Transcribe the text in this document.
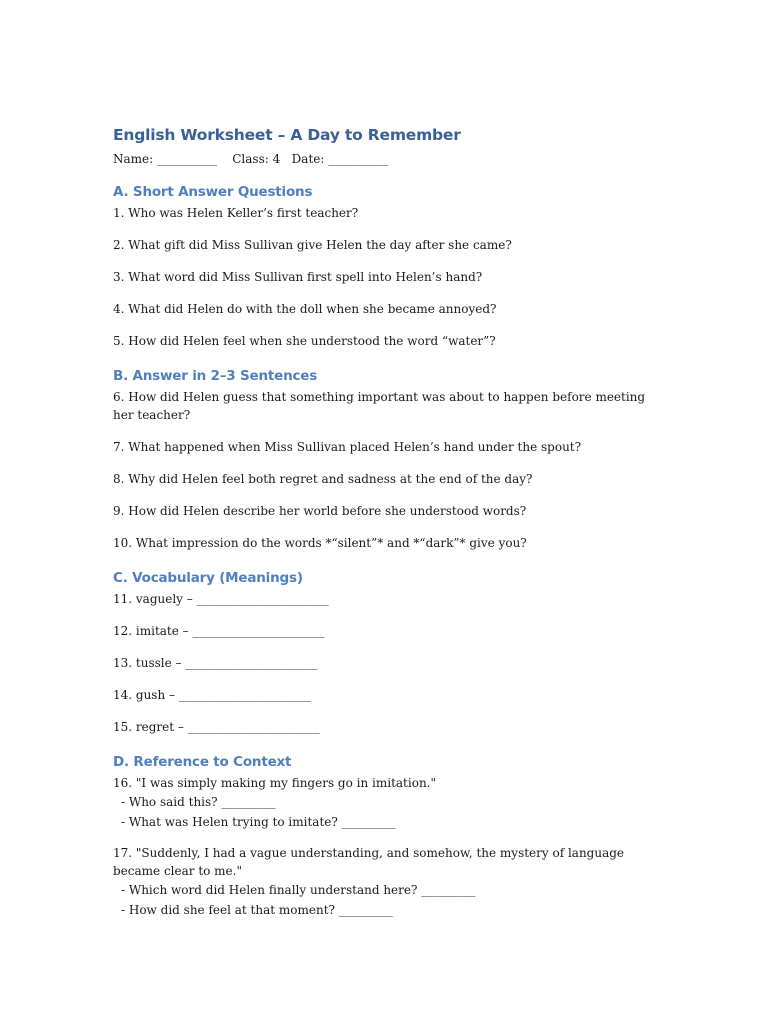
English Worksheet – A Day to Remember
Name: __________    Class: 4   Date: __________
A. Short Answer Questions

1. Who was Helen Keller’s first teacher?

2. What gift did Miss Sullivan give Helen the day after she came?

3. What word did Miss Sullivan first spell into Helen’s hand?

4. What did Helen do with the doll when she became annoyed?

5. How did Helen feel when she understood the word “water”?

B. Answer in 2–3 Sentences

6. How did Helen guess that something important was about to happen before meeting her teacher?

7. What happened when Miss Sullivan placed Helen’s hand under the spout?

8. Why did Helen feel both regret and sadness at the end of the day?

9. How did Helen describe her world before she understood words?

10. What impression do the words *“silent”* and *“dark”* give you?

C. Vocabulary (Meanings)

11. vaguely – ______________________

12. imitate – ______________________

13. tussle – ______________________

14. gush – ______________________

15. regret – ______________________

D. Reference to Context

16. "I was simply making my fingers go in imitation."

- Who said this? _________

- What was Helen trying to imitate? _________

17. "Suddenly, I had a vague understanding, and somehow, the mystery of language became clear to me."

- Which word did Helen finally understand here? _________

- How did she feel at that moment? _________
